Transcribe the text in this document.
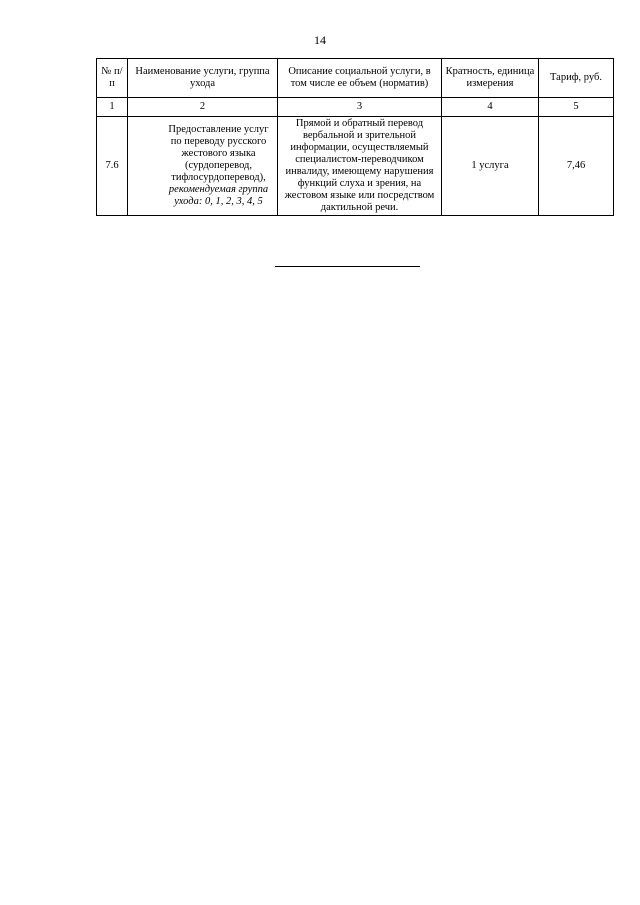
14
№ п/п	Наименование услуги, группа ухода	Описание социальной услуги, в том числе ее объем (норматив)	Кратность, единица измерения	Тариф, руб.
1	2	3	4	5
7.6	Предоставление услуг по переводу русского жестового языка (сурдоперевод, тифлосурдоперевод), рекомендуемая группа ухода: 0, 1, 2, 3, 4, 5	Прямой и обратный перевод вербальной и зрительной информации, осуществляемый специалистом-переводчиком инвалиду, имеющему нарушения функций слуха и зрения, на жестовом языке или посредством дактильной речи.	1 услуга	7,46
